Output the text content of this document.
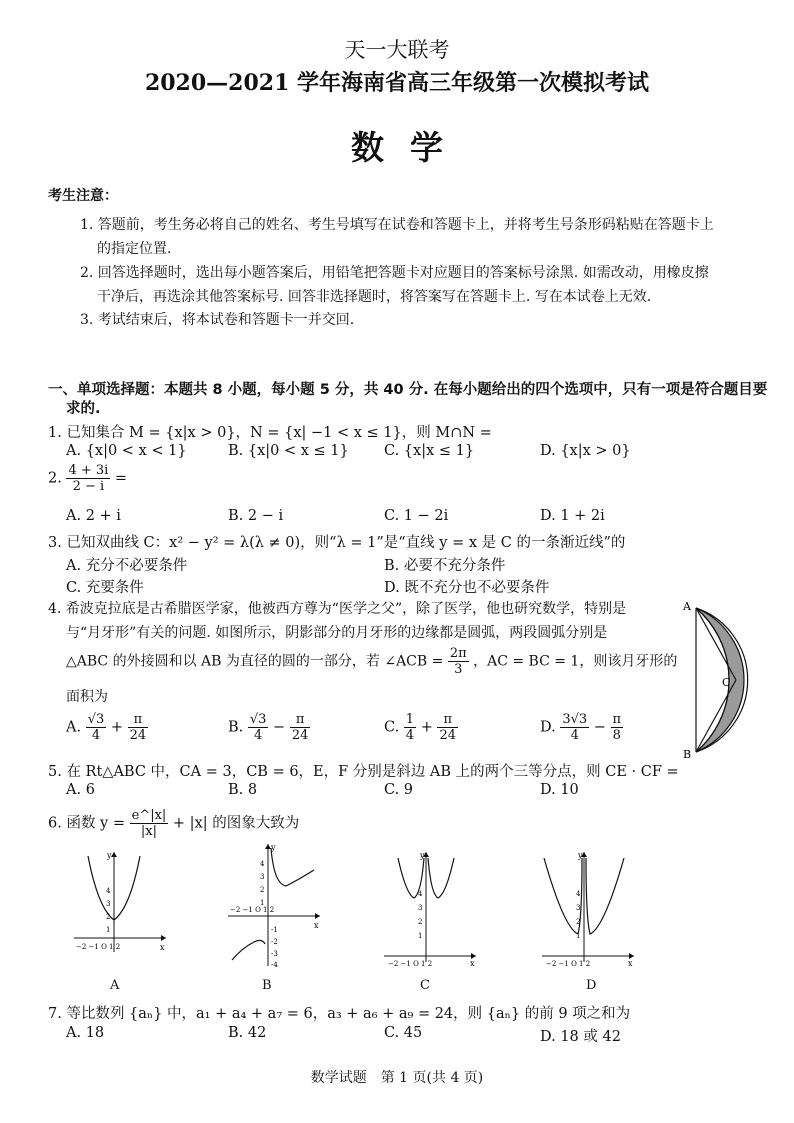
天一大联考
2020—2021 学年海南省高三年级第一次模拟考试
数学
考生注意：
1. 答题前，考生务必将自己的姓名、考生号填写在试卷和答题卡上，并将考生号条形码粘贴在答题卡上
的指定位置.
2. 回答选择题时，选出每小题答案后，用铅笔把答题卡对应题目的答案标号涂黑. 如需改动，用橡皮擦
干净后，再选涂其他答案标号. 回答非选择题时，将答案写在答题卡上. 写在本试卷上无效.
3. 考试结束后，将本试卷和答题卡一并交回.
一、单项选择题：本题共 8 小题，每小题 5 分，共 40 分. 在每小题给出的四个选项中，只有一项是符合题目要
求的.
1. 已知集合 M = {x|x > 0}，N = {x| −1 < x ≤ 1}，则 M∩N =
A. {x|0 < x < 1}	B. {x|0 < x ≤ 1} C. {x|x ≤ 1}	D. {x|x > 0}
2. $\frac{4 + 3i}{2 - i}$ =
A. 2 + i	B. 2 − i	C. 1 − 2i	D. 1 + 2i
3. 已知双曲线 C：x² − y² = λ(λ ≠ 0)，则“λ = 1”是“直线 y = x 是 C 的一条渐近线”的
A. 充分不必要条件	B. 必要不充分条件
C. 充要条件	D. 既不充分也不必要条件
4. 希波克拉底是古希腊医学家，他被西方尊为“医学之父”，除了医学，他也研究数学，特别是
与“月牙形”有关的问题. 如图所示，阴影部分的月牙形的边缘都是圆弧，两段圆弧分别是
△ABC 的外接圆和以 AB 为直径的圆的一部分，若 ∠ACB = $\frac{2\pi}{3}$ ，AC = BC = 1，则该月牙形的
面积为
A. $\frac{√3}{4} + \frac{\pi}{24}$	B. $\frac{√3}{4} - \frac{\pi}{24}$	C. $\frac{1}{4} + \frac{\pi}{24}$	D. $\frac{3√3}{4} - \frac{\pi}{8}$
A
B
C
5. 在 Rt△ABC 中，CA = 3，CB = 6，E，F 分别是斜边 AB 上的两个三等分点，则 CE · CF =
A. 6	B. 8	C. 9	D. 10
6. 函数 $y = \frac{e\^{}|x|}{|x|} + |x|$ 的图象大致为
y
x
4
3
2
1
−2 −1 O 1 2
A
y
x
4
3
2
1
-1
-2
-3
-4
−2 −1 O 1 2
B
y
x
4
3
2
1
−2 −1 O 1 2
C
y
x
4
3
2
1
−2 −1 O 1 2
D
7. 等比数列 {aₙ} 中，a₁ + a₄ + a₇ = 6，a₃ + a₆ + a₉ = 24，则 {aₙ} 的前 9 项之和为
A. 18	B. 42	C. 45	D. 18 或 42
数学试题　第 1 页(共 4 页)
